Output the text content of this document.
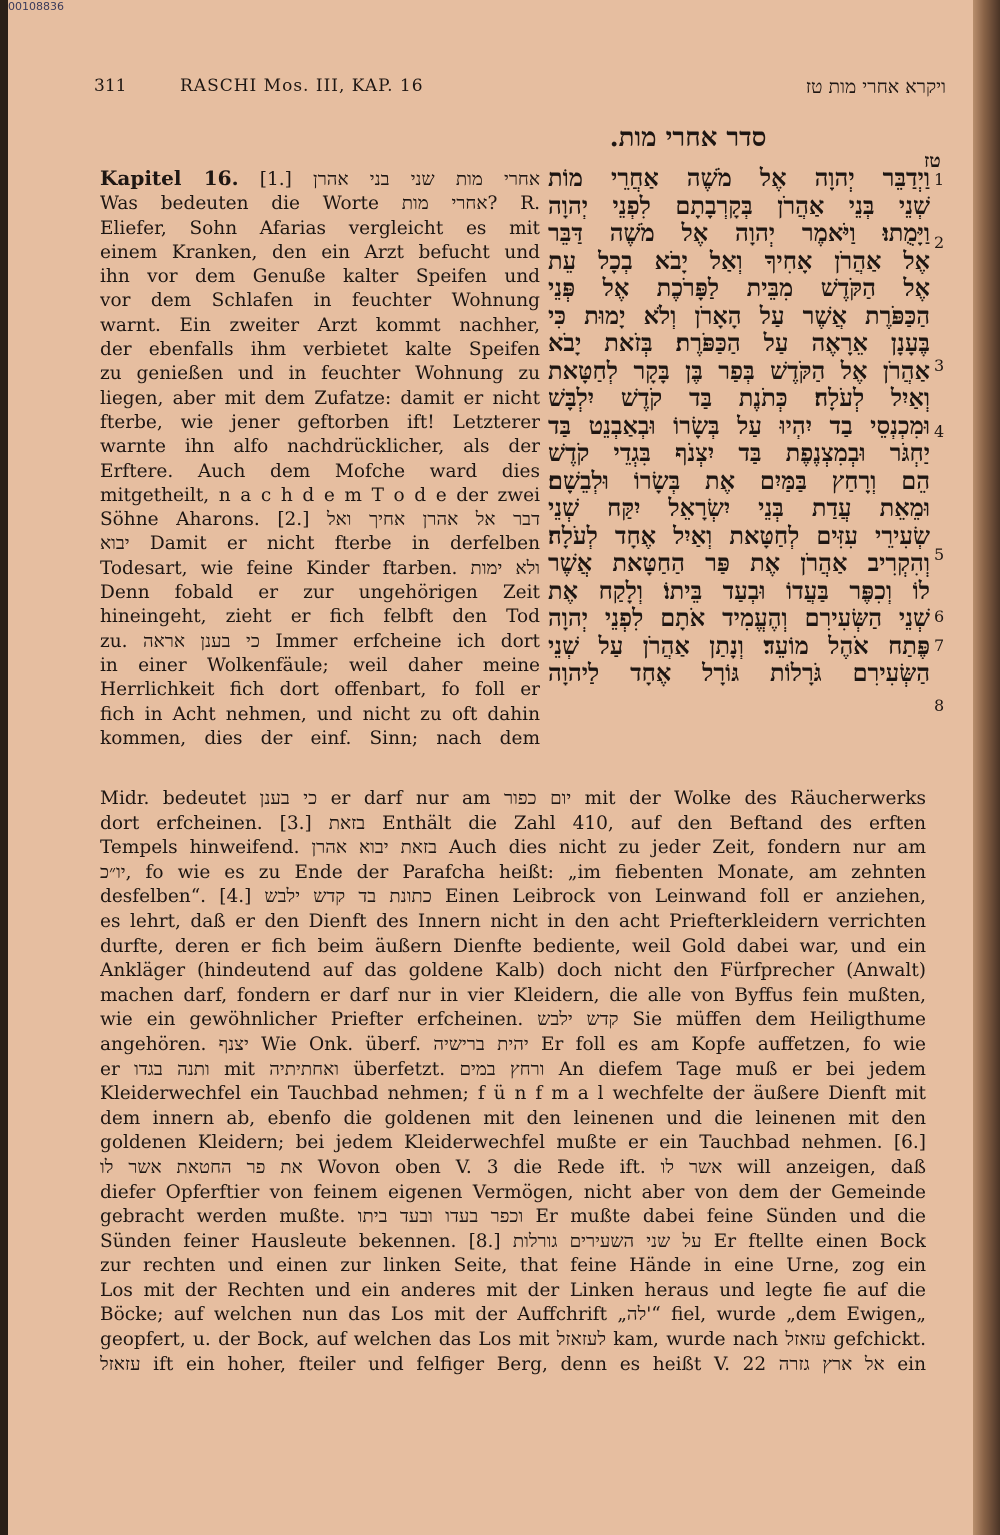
00108836
311	RASCHI Mos. III, KAP. 16	ויקרא אחרי מות טז
סדר אחרי מות.
Kapitel 16. [1.] אחרי מות שני בני אהרן
Was bedeuten die Worte אחרי מות? R.
Eliefer, Sohn Afarias vergleicht es mit
einem Kranken, den ein Arzt befucht und
ihn vor dem Genuße kalter Speifen und
vor dem Schlafen in feuchter Wohnung
warnt. Ein zweiter Arzt kommt nachher,
der ebenfalls ihm verbietet kalte Speifen
zu genießen und in feuchter Wohnung zu
liegen, aber mit dem Zufatze: damit er nicht
fterbe, wie jener geftorben ift! Letzterer
warnte ihn alfo nachdrücklicher, als der
Erftere. Auch dem Mofche ward dies
mitgetheilt, n a c h d e m T o d e der zwei
Söhne Aharons. [2.] דבר אל אהרן אחיך ואל
יבוא Damit er nicht fterbe in derfelben
Todesart, wie feine Kinder ftarben. ולא ימות
Denn fobald er zur ungehörigen Zeit
hineingeht, zieht er fich felbft den Tod
zu. כי בענן אראה Immer erfcheine ich dort
in einer Wolkenfäule; weil daher meine
Herrlichkeit fich dort offenbart, fo foll er
fich in Acht nehmen, und nicht zu oft dahin
kommen, dies der einf. Sinn; nach dem
טז
1
2
3
4
5
6
7
8
וַיְדַבֵּר יְהוָה אֶל מֹשֶׁה אַחֲרֵי מוֹת
שְׁנֵי בְּנֵי אַהֲרֹן בְּקָרְבָתָם לִפְנֵי יְהוָה
וַיָּמֻתוּ׃ וַיֹּאמֶר יְהוָה אֶל מֹשֶׁה דַּבֵּר
אֶל אַהֲרֹן אָחִיךָ וְאַל יָבֹא בְכָל עֵת
אֶל הַקֹּדֶשׁ מִבֵּית לַפָּרֹכֶת אֶל פְּנֵי
הַכַּפֹּרֶת אֲשֶׁר עַל הָאָרֹן וְלֹא יָמוּת כִּי
בֶּעָנָן אֵרָאֶה עַל הַכַּפֹּרֶת׃ בְּזֹאת יָבֹא
אַהֲרֹן אֶל הַקֹּדֶשׁ בְּפַר בֶּן בָּקָר לְחַטָּאת
וְאַיִל לְעֹלָה׃ כְּתֹנֶת בַּד קֹדֶשׁ יִלְבָּשׁ
וּמִכְנְסֵי בַד יִהְיוּ עַל בְּשָׂרוֹ וּבְאַבְנֵט בַּד
יַחְגֹּר וּבְמִצְנֶפֶת בַּד יִצְנֹף בִּגְדֵי קֹדֶשׁ
הֵם וְרָחַץ בַּמַּיִם אֶת בְּשָׂרוֹ וּלְבֵשָׁם׃
וּמֵאֵת עֲדַת בְּנֵי יִשְׂרָאֵל יִקַּח שְׁנֵי
שְׂעִירֵי עִזִּים לְחַטָּאת וְאַיִל אֶחָד לְעֹלָה׃
וְהִקְרִיב אַהֲרֹן אֶת פַּר הַחַטָּאת אֲשֶׁר
לוֹ וְכִפֶּר בַּעֲדוֹ וּבְעַד בֵּיתוֹ׃ וְלָקַח אֶת
שְׁנֵי הַשְּׂעִירִם וְהֶעֱמִיד אֹתָם לִפְנֵי יְהוָה
פֶּתַח אֹהֶל מוֹעֵד׃ וְנָתַן אַהֲרֹן עַל שְׁנֵי
הַשְּׂעִירִם גֹּרָלוֹת גּוֹרָל אֶחָד לַיהוָה
Midr. bedeutet כי בענן er darf nur am יום כפור mit der Wolke des Räucherwerks
dort erfcheinen. [3.] בזאת Enthält die Zahl 410, auf den Beftand des erften
Tempels hinweifend. בזאת יבוא אהרן Auch dies nicht zu jeder Zeit, fondern nur am
יו״כ, fo wie es zu Ende der Parafcha heißt: „im fiebenten Monate, am zehnten
desfelben“. [4.] כתונת בד קדש ילבש Einen Leibrock von Leinwand foll er anziehen,
es lehrt, daß er den Dienft des Innern nicht in den acht Priefterkleidern verrichten
durfte, deren er fich beim äußern Dienfte bediente, weil Gold dabei war, und ein
Ankläger (hindeutend auf das goldene Kalb) doch nicht den Fürfprecher (Anwalt)
machen darf, fondern er darf nur in vier Kleidern, die alle von Byffus fein mußten,
wie ein gewöhnlicher Priefter erfcheinen. קדש ילבש Sie müffen dem Heiligthume
angehören. יצנף Wie Onk. überf. יהית ברישיה Er foll es am Kopfe auffetzen, fo wie
er ותנה בגדו mit ואחתיתיה überfetzt. ורחץ במים An diefem Tage muß er bei jedem
Kleiderwechfel ein Tauchbad nehmen; f ü n f m a l wechfelte der äußere Dienft mit
dem innern ab, ebenfo die goldenen mit den leinenen und die leinenen mit den
goldenen Kleidern; bei jedem Kleiderwechfel mußte er ein Tauchbad nehmen. [6.]
את פר החטאת אשר לו Wovon oben V. 3 die Rede ift. אשר לו will anzeigen, daß
diefer Opferftier von feinem eigenen Vermögen, nicht aber von dem der Gemeinde
gebracht werden mußte. וכפר בעדו ובעד ביתו Er mußte dabei feine Sünden und die
Sünden feiner Hausleute bekennen. [8.] על שני השעירים גורלות Er ftellte einen Bock
zur rechten und einen zur linken Seite, that feine Hände in eine Urne, zog ein
Los mit der Rechten und ein anderes mit der Linken heraus und legte fie auf die
Böcke; auf welchen nun das Los mit der Auffchrift „לה'“ fiel, wurde „dem Ewigen„
geopfert, u. der Bock, auf welchen das Los mit לעזאזל kam, wurde nach עזאזל gefchickt.
עזאזל ift ein hoher, fteiler und felfiger Berg, denn es heißt V. 22 אל ארץ גזרה ein
